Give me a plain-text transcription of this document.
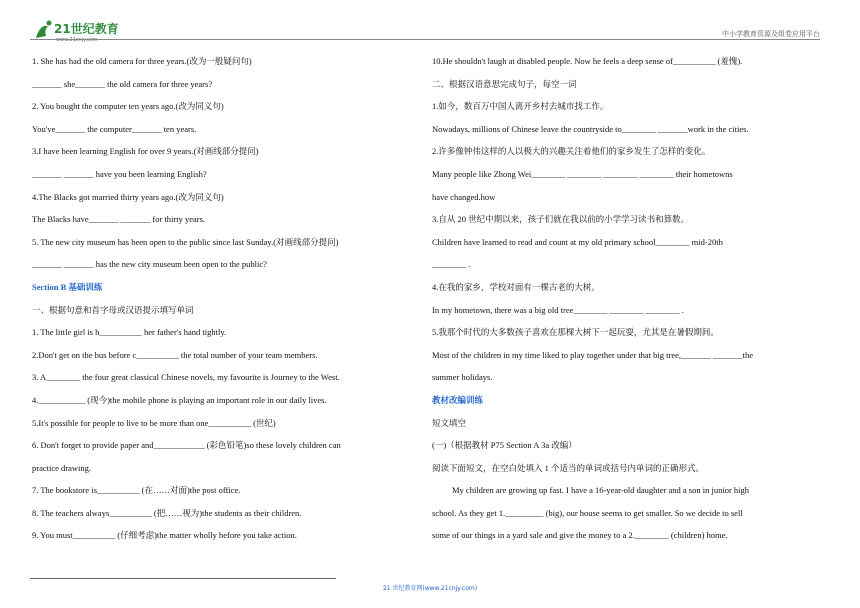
21世纪教育
www.21cnjy.com
中小学教育资源及组卷应用平台
1. She has had the old camera for three years.(改为一般疑问句)
_______ she_______ the old camera for three years?
2. You bought the computer ten years ago.(改为同义句)
You've_______ the computer_______ ten years.
3.I have been learning English for over 9 years.(对画线部分提问)
_______ _______ have you been learning English?
4.The Blacks got married thirty years ago.(改为同义句)
The Blacks have_______ _______ for thirty years.
5. The new city museum has been open to the public since last Sunday.(对画线部分提问)
_______ _______ has the new city museum been open to the public?
Section B 基础训练
一、根据句意和首字母或汉语提示填写单词
1. The little girl is h__________ her father's hand tightly.
2.Don't get on the bus before c__________ the total number of your team members.
3. A________ the four great classical Chinese novels, my favourite is Journey to the West.
4.___________ (现今)the mobile phone is playing an important role in our daily lives.
5.It's possible for people to live to be more than one__________ (世纪)
6. Don't forget to provide paper and____________ (彩色铅笔)so these lovely children can
practice drawing.
7. The bookstore is__________ (在……对面)the post office.
8. The teachers always__________ (把……视为)the students as their children.
9. You must__________ (仔细考虑)the matter wholly before you take action.
10.He shouldn't laugh at disabled people. Now he feels a deep sense of__________ (羞愧).
二、根据汉语意思完成句子，每空一词
1.如今，数百万中国人离开乡村去城市找工作。
Nowadays, millions of Chinese leave the countryside to________ _______work in the cities.
2.许多像钟伟这样的人以极大的兴趣关注着他们的家乡发生了怎样的变化。
Many people like Zhong Wei________ ________ ________ ________ their hometowns
have changed.how
3.自从 20 世纪中期以来，孩子们就在我以前的小学学习读书和算数。
Children have learned to read and count at my old primary school________ mid-20th
________ .
4.在我的家乡，学校对面有一棵古老的大树。
In my hometown, there was a big old tree________ ________ ________ .
5.我那个时代的大多数孩子喜欢在那棵大树下一起玩耍，尤其是在暑假期间。
Most of the children in my time liked to play together under that big tree,_______ _______the
summer holidays.
教材改编训练
短文填空
(一)（根据教材 P75 Section A 3a 改编）
阅读下面短文，在空白处填入 1 个适当的单词或括号内单词的正确形式。
My children are growing up fast. I have a 16-year-old daughter and a son in junior high
school. As they get 1._________ (big), our house seems to get smaller. So we decide to sell
some of our things in a yard sale and give the money to a 2.________ (children) home.
21 世纪教育网(www.21cnjy.com)
